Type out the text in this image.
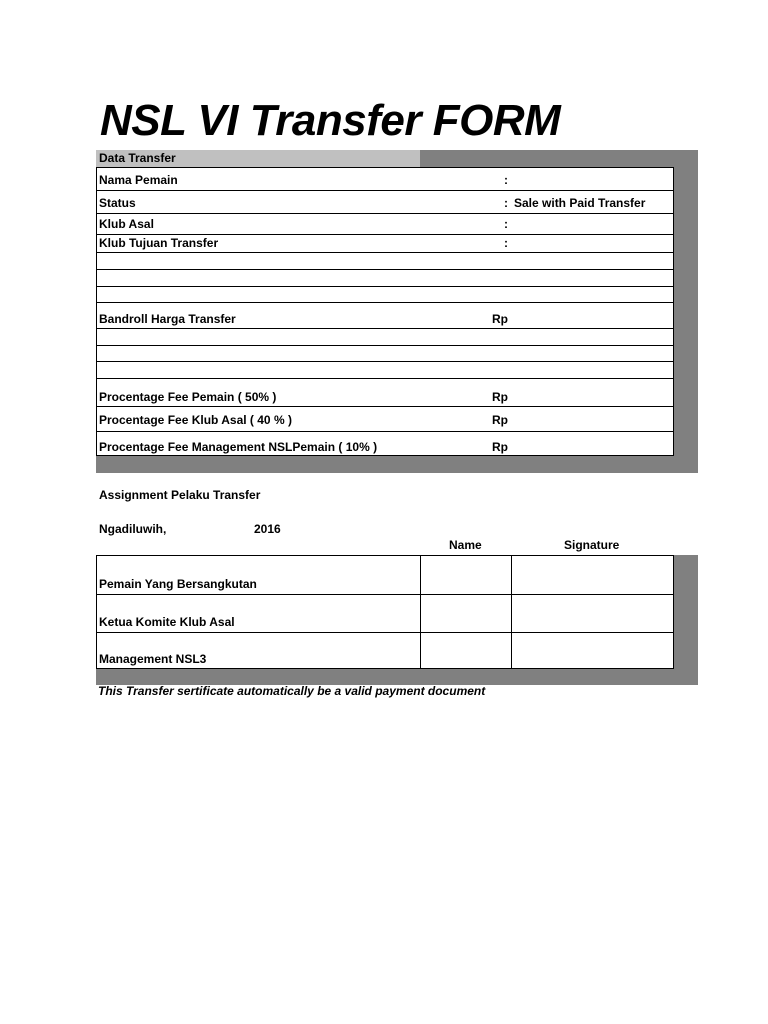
NSL VI Transfer FORM
Data Transfer
Nama Pemain	:
Status	: Sale with Paid Transfer
Klub Asal	:
Klub Tujuan Transfer	:
Bandroll Harga Transfer	Rp
Procentage Fee Pemain ( 50% )	Rp
Procentage Fee Klub Asal ( 40 % )	Rp
Procentage Fee Management NSLPemain ( 10% )	Rp
Assignment Pelaku Transfer
Ngadiluwih,	2016
Name	Signature
Pemain Yang Bersangkutan
Ketua Komite Klub Asal
Management NSL3
This Transfer sertificate automatically be a valid payment document
